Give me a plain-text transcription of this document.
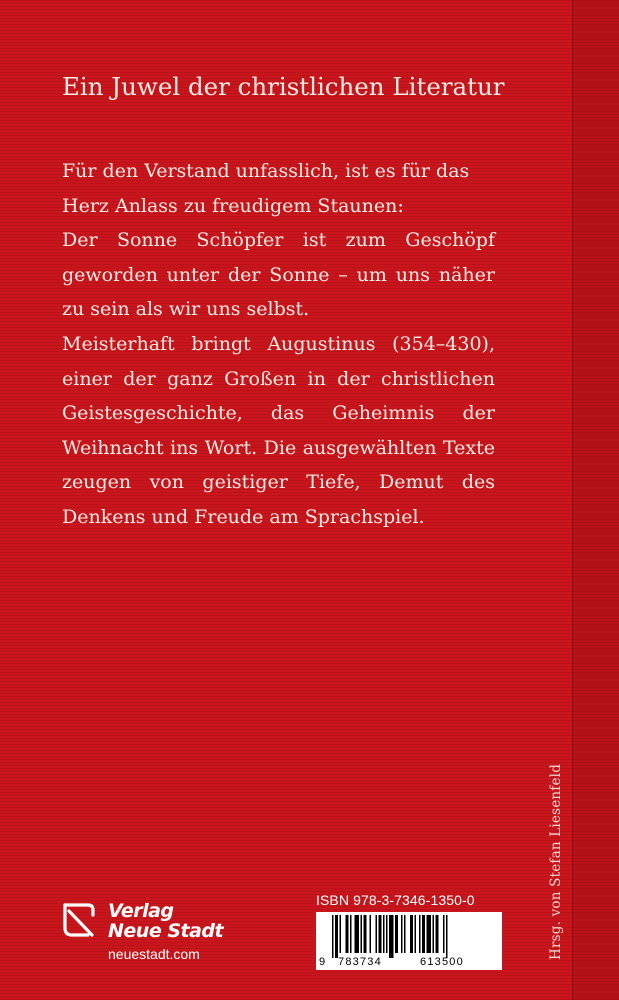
Hrsg. von Stefan Liesenfeld
Ein Juwel der christlichen Literatur

Für den Verstand unfasslich, ist es für das Herz Anlass zu freudigem Staunen:

Der Sonne Schöpfer ist zum Geschöpf geworden unter der Sonne – um uns näher zu sein als wir uns selbst.

Meisterhaft bringt Augustinus (354–430), einer der ganz Großen in der christlichen Geistesgeschichte, das Geheimnis der Weihnacht ins Wort. Die ausgewählten Texte zeugen von geistiger Tiefe, Demut des Denkens und Freude am Sprachspiel.

Verlag
Neue Stadt
neuestadt.com
ISBN 978-3-7346-1350-0
9 783734	613500
